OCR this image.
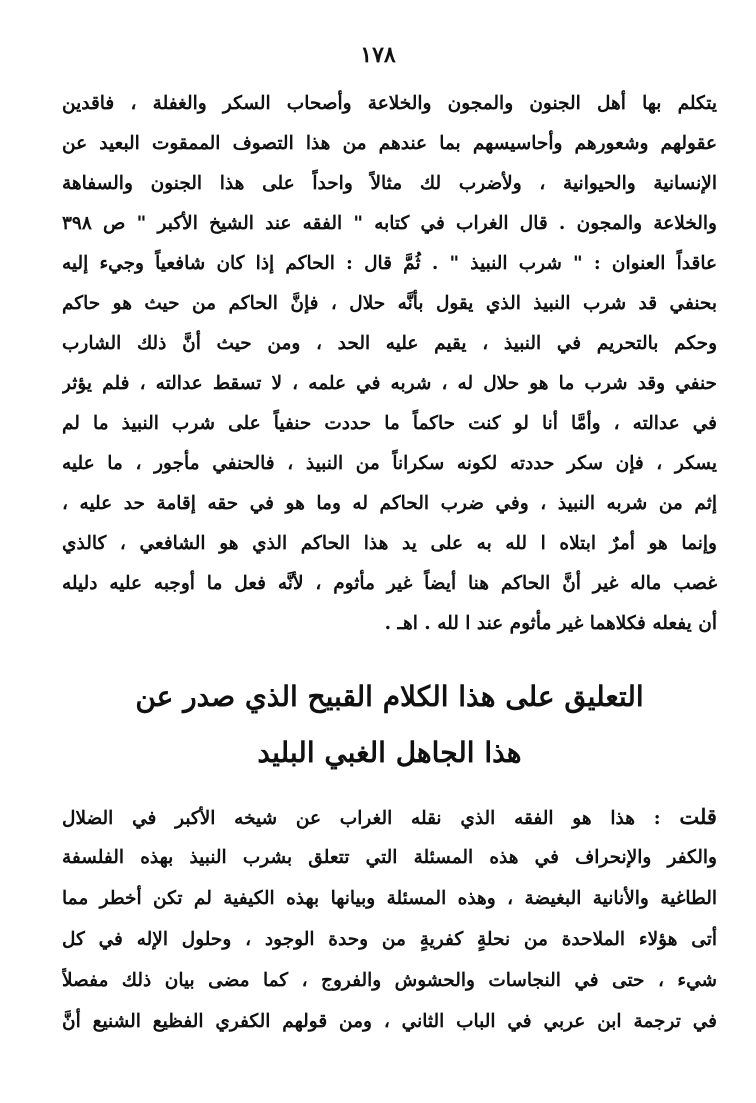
١٧٨
يتكلم بها أهل الجنون والمجون والخلاعة وأصحاب السكر والغفلة ، فاقدين
عقولهم وشعورهم وأحاسيسهم بما عندهم من هذا التصوف الممقوت البعيد عن
الإنسانية والحيوانية ، ولأضرب لك مثالاً واحداً على هذا الجنون والسفاهة
والخلاعة والمجون . قال الغراب في كتابه " الفقه عند الشيخ الأكبر " ص ٣٩٨
عاقداً العنوان : " شرب النبيذ " . ثُمَّ قال : الحاكم إذا كان شافعياً وجيء إليه
بحنفي قد شرب النبيذ الذي يقول بأنَّه حلال ، فإنَّ الحاكم من حيث هو حاكم
وحكم بالتحريم في النبيذ ، يقيم عليه الحد ، ومن حيث أنَّ ذلك الشارب
حنفي وقد شرب ما هو حلال له ، شربه في علمه ، لا تسقط عدالته ، فلم يؤثر
في عدالته ، وأمَّا أنا لو كنت حاكماً ما حددت حنفياً على شرب النبيذ ما لم
يسكر ، فإن سكر حددته لكونه سكراناً من النبيذ ، فالحنفي مأجور ، ما عليه
إثم من شربه النبيذ ، وفي ضرب الحاكم له وما هو في حقه إقامة حد عليه ،
وإنما هو أمرٌ ابتلاه ا لله به على يد هذا الحاكم الذي هو الشافعي ، كالذي
غصب ماله غير أنَّ الحاكم هنا أيضاً غير مأثوم ، لأنَّه فعل ما أوجبه عليه دليله
أن يفعله فكلاهما غير مأثوم عند ا لله . اهـ .
التعليق على هذا الكلام القبيح الذي صدر عن
هذا الجاهل الغبي البليد
قلت : هذا هو الفقه الذي نقله الغراب عن شيخه الأكبر في الضلال
والكفر والإنحراف في هذه المسئلة التي تتعلق بشرب النبيذ بهذه الفلسفة
الطاغية والأنانية البغيضة ، وهذه المسئلة وبيانها بهذه الكيفية لم تكن أخطر مما
أتى هؤلاء الملاحدة من نحلةٍ كفريةٍ من وحدة الوجود ، وحلول الإله في كل
شيء ، حتى في النجاسات والحشوش والفروج ، كما مضى بيان ذلك مفصلاً
في ترجمة ابن عربي في الباب الثاني ، ومن قولهم الكفري الفظيع الشنيع أنَّ
